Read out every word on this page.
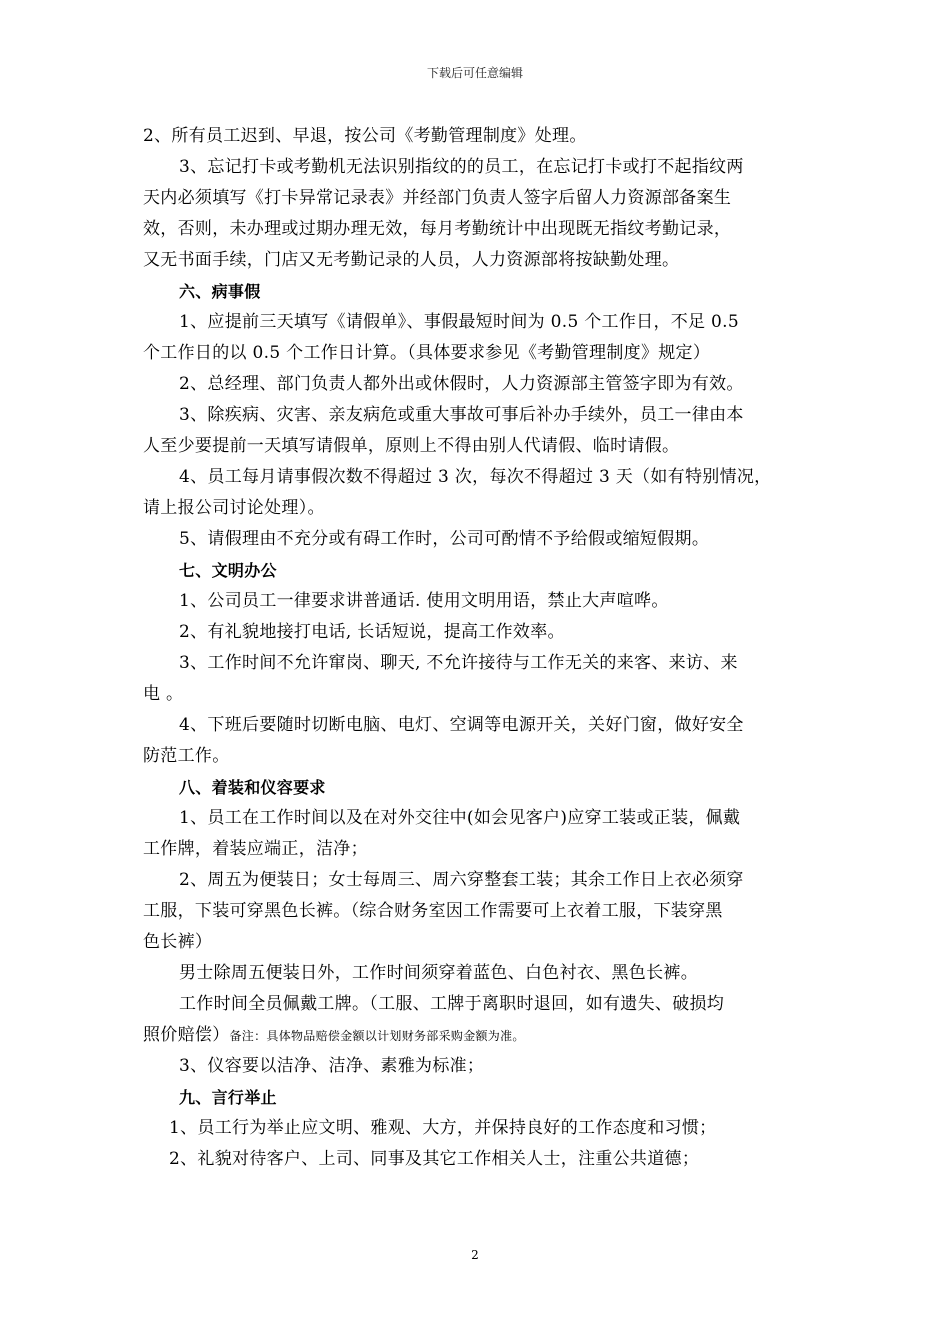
下载后可任意编辑
2、所有员工迟到、早退，按公司《考勤管理制度》处理。
3、忘记打卡或考勤机无法识别指纹的的员工，在忘记打卡或打不起指纹两
天内必须填写《打卡异常记录表》并经部门负责人签字后留人力资源部备案生
效，否则，未办理或过期办理无效，每月考勤统计中出现既无指纹考勤记录，
又无书面手续，门店又无考勤记录的人员，人力资源部将按缺勤处理。
六、病事假
1、应提前三天填写《请假单》、事假最短时间为 0.5 个工作日，不足 0.5
个工作日的以 0.5 个工作日计算。（具体要求参见《考勤管理制度》规定）
2、总经理、部门负责人都外出或休假时，人力资源部主管签字即为有效。
3、除疾病、灾害、亲友病危或重大事故可事后补办手续外，员工一律由本
人至少要提前一天填写请假单，原则上不得由别人代请假、临时请假。
4、员工每月请事假次数不得超过 3 次，每次不得超过 3 天（如有特别情况，
请上报公司讨论处理）。
5、请假理由不充分或有碍工作时，公司可酌情不予给假或缩短假期。
七、文明办公
1、公司员工一律要求讲普通话. 使用文明用语，禁止大声喧哗。
2、有礼貌地接打电话, 长话短说，提高工作效率。
3、工作时间不允许窜岗、聊天, 不允许接待与工作无关的来客、来访、来
电 。
4、下班后要随时切断电脑、电灯、空调等电源开关，关好门窗，做好安全
防范工作。
八、着装和仪容要求
1、员工在工作时间以及在对外交往中(如会见客户)应穿工装或正装，佩戴
工作牌，着装应端正，洁净；
2、周五为便装日；女士每周三、周六穿整套工装；其余工作日上衣必须穿
工服，下装可穿黑色长裤。（综合财务室因工作需要可上衣着工服，下装穿黑
色长裤）
男士除周五便装日外，工作时间须穿着蓝色、白色衬衣、黑色长裤。
工作时间全员佩戴工牌。（工服、工牌于离职时退回，如有遗失、破损均
照价赔偿）备注：具体物品赔偿金额以计划财务部采购金额为准。
3、仪容要以洁净、洁净、素雅为标准；
九、言行举止
1、员工行为举止应文明、雅观、大方，并保持良好的工作态度和习惯；
2、礼貌对待客户、上司、同事及其它工作相关人士，注重公共道德；
2
